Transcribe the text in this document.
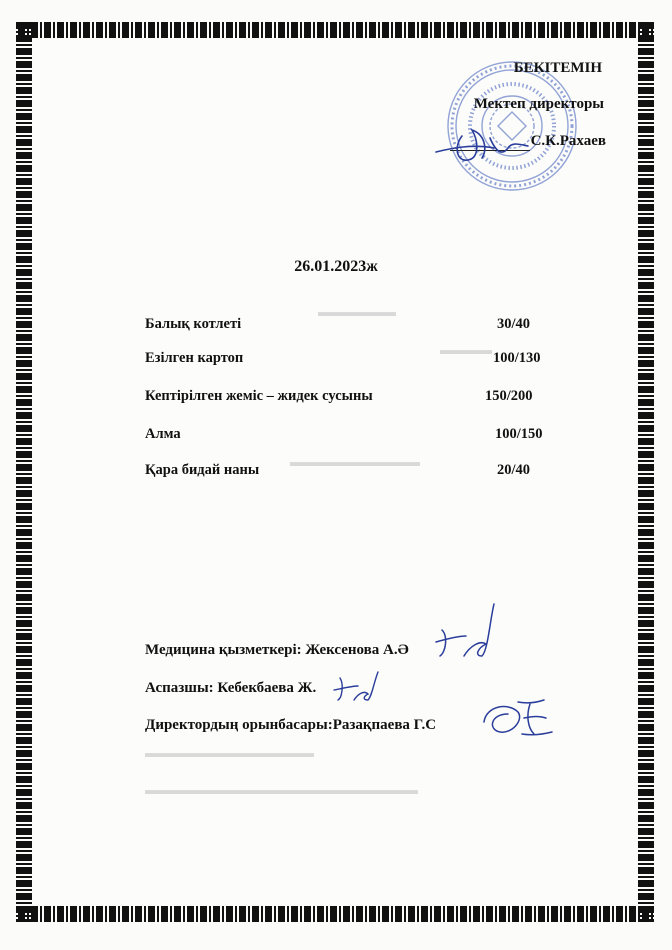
▬▬▬▬▬▬
▬▬▬▬
▬▬▬▬▬▬▬▬▬▬
▬▬▬▬▬▬▬▬▬▬▬▬▬
▬▬▬▬▬▬▬▬▬▬▬▬▬▬▬▬▬▬▬▬▬
БЕКІТЕМІН
Мектеп директоры
С.К.Рахаев
26.01.2023ж
Балық котлеті	30/40
Езілген картоп	100/130
Кептірілген жеміс – жидек сусыны	150/200
Алма	100/150
Қара бидай наны	20/40
Медицина қызметкері: Жексенова А.Ә
Аспазшы: Кебекбаева Ж.
Директордың орынбасары:Разақпаева Г.С
